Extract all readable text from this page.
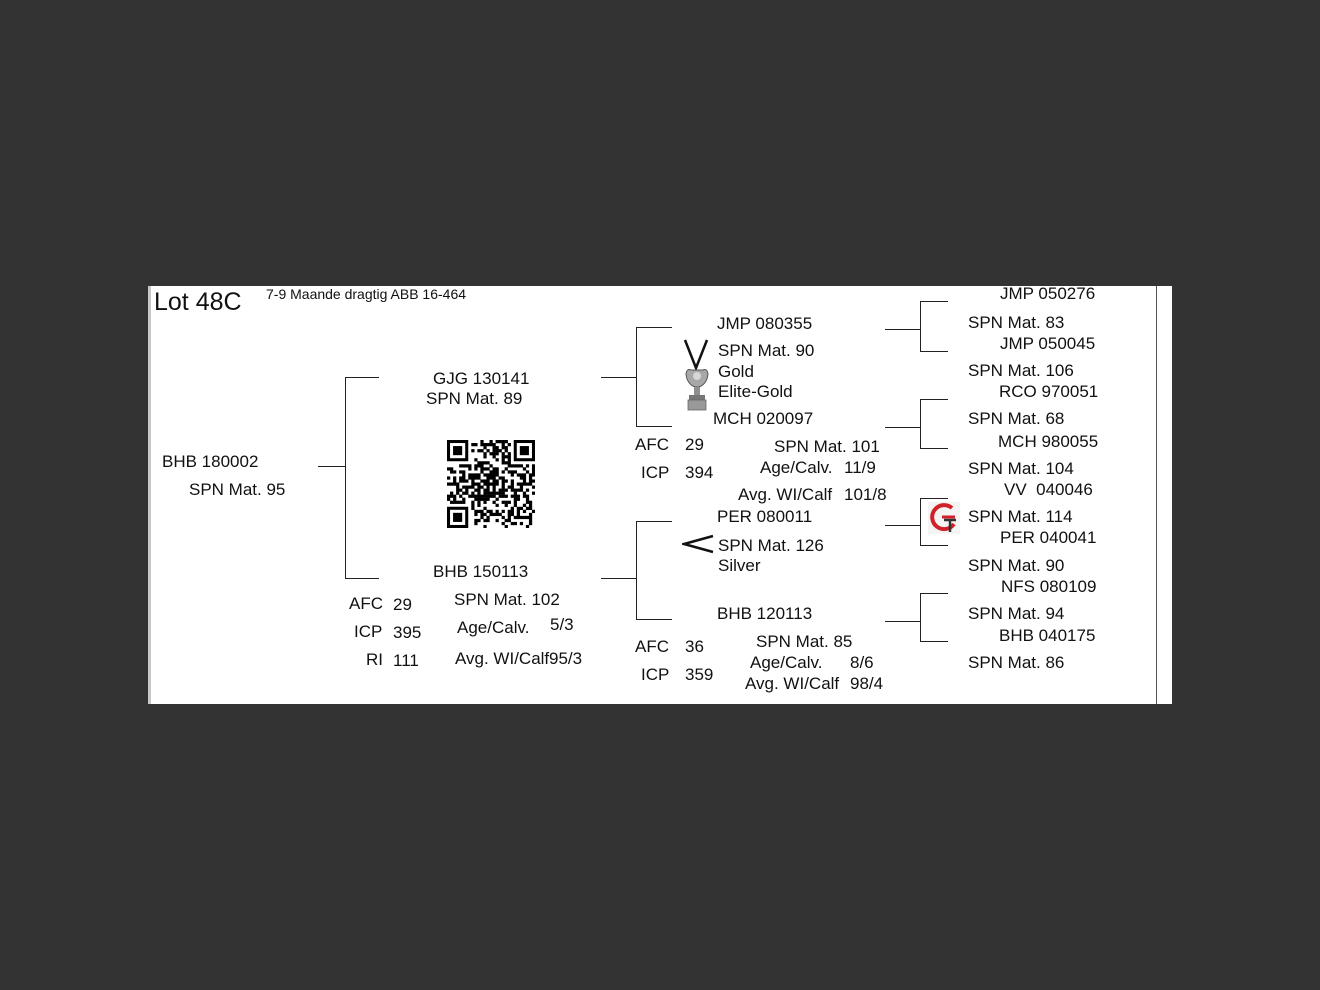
Lot 48C 7-9 Maande dragtig ABB 16-464
BHB 180002
SPN Mat. 95
GJG 130141
SPN Mat. 89
BHB 150113
AFC 29
ICP 395
RI 111
SPN Mat. 102
Age/Calv. 5/3
Avg. WI/Calf 95/3
JMP 080355
SPN Mat. 90
Gold
Elite-Gold
MCH 020097
AFC 29
ICP 394
SPN Mat. 101
Age/Calv. 11/9
Avg. WI/Calf 101/8
PER 080011
SPN Mat. 126
Silver
BHB 120113
AFC 36
ICP 359
SPN Mat. 85
Age/Calv. 8/6
Avg. WI/Calf 98/4
JMP 050276
SPN Mat. 83
JMP 050045
SPN Mat. 106
RCO 970051
SPN Mat. 68
MCH 980055
SPN Mat. 104
VV  040046
SPN Mat. 114
PER 040041
SPN Mat. 90
NFS 080109
SPN Mat. 94
BHB 040175
SPN Mat. 86
